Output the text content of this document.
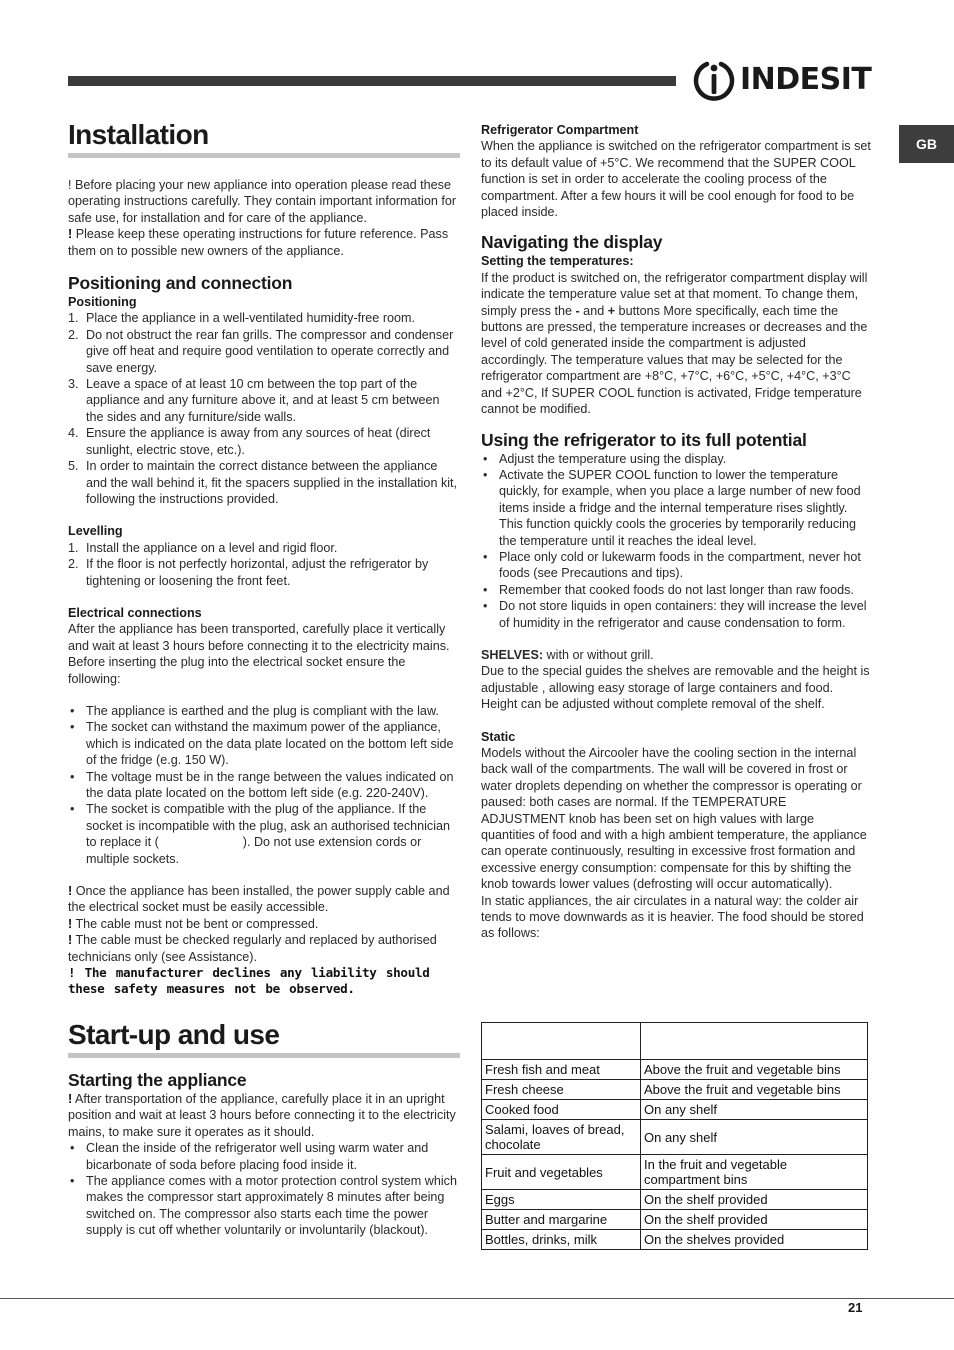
INDESIT
GB
Installation

! Before placing your new appliance into operation please read these operating instructions carefully. They contain important information for safe use, for installation and for care of the appliance.

! Please keep these operating instructions for future reference. Pass them on to possible new owners of the appliance.

Positioning and connection
Positioning
1. Place the appliance in a well-ventilated humidity-free room.
2. Do not obstruct the rear fan grills. The compressor and condenser give off heat and require good ventilation to operate correctly and save energy.
3. Leave a space of at least 10 cm between the top part of the appliance and any furniture above it, and at least 5 cm between the sides and any furniture/side walls.
4. Ensure the appliance is away from any sources of heat (direct sunlight, electric stove, etc.).
5. In order to maintain the correct distance between the appliance and the wall behind it, fit the spacers supplied in the installation kit, following the instructions provided.
Levelling
1. Install the appliance on a level and rigid floor.
2. If the floor is not perfectly horizontal, adjust the refrigerator by tightening or loosening the front feet.
Electrical connections

After the appliance has been transported, carefully place it vertically and wait at least 3 hours before connecting it to the electricity mains. Before inserting the plug into the electrical socket ensure the following:

• The appliance is earthed and the plug is compliant with the law.
• The socket can withstand the maximum power of the appliance, which is indicated on the data plate located on the bottom left side of the fridge (e.g. 150 W).
• The voltage must be in the range between the values indicated on the data plate located on the bottom left side (e.g. 220-240V).
• The socket is compatible with the plug of the appliance. If the socket is incompatible with the plug, ask an authorised technician to replace it (                        ). Do not use extension cords or multiple sockets.

! Once the appliance has been installed, the power supply cable and the electrical socket must be easily accessible.

! The cable must not be bent or compressed.

! The cable must be checked regularly and replaced by authorised technicians only (see Assistance).

! The manufacturer declines any liability should these safety measures not be observed.

Start-up and use
Starting the appliance

! After transportation of the appliance, carefully place it in an upright position and wait at least 3 hours before connecting it to the electricity mains, to make sure it operates as it should.

• Clean the inside of the refrigerator well using warm water and bicarbonate of soda before placing food inside it.
• The appliance comes with a motor protection control system which makes the compressor start approximately 8 minutes after being switched on. The compressor also starts each time the power supply is cut off whether voluntarily or involuntarily (blackout).
Refrigerator Compartment

When the appliance is switched on the refrigerator compartment is set to its default value of +5°C. We recommend that the SUPER COOL function is set in order to accelerate the cooling process of the compartment. After a few hours it will be cool enough for food to be placed inside.

Navigating the display
Setting the temperatures:

If the product is switched on, the refrigerator compartment display will indicate the temperature value set at that moment. To change them, simply press the - and + buttons More specifically, each time the buttons are pressed, the temperature increases or decreases and the level of cold generated inside the compartment is adjusted accordingly. The temperature values that may be selected for the refrigerator compartment are +8°C, +7°C, +6°C, +5°C, +4°C, +3°C and +2°C, If SUPER COOL function is activated, Fridge temperature cannot be modified.

Using the refrigerator to its full potential
• Adjust the temperature using the display.
• Activate the SUPER COOL function to lower the temperature quickly, for example, when you place a large number of new food items inside a fridge and the internal temperature rises slightly. This function quickly cools the groceries by temporarily reducing the temperature until it reaches the ideal level.
• Place only cold or lukewarm foods in the compartment, never hot foods (see Precautions and tips).
• Remember that cooked foods do not last longer than raw foods.
• Do not store liquids in open containers: they will increase the level of humidity in the refrigerator and cause condensation to form.

SHELVES: with or without grill.

Due to the special guides the shelves are removable and the height is adjustable , allowing easy storage of large containers and food. Height can be adjusted without complete removal of the shelf.

Static

Models without the Aircooler have the cooling section in the internal back wall of the compartments. The wall will be covered in frost or water droplets depending on whether the compressor is operating or paused: both cases are normal. If the TEMPERATURE ADJUSTMENT knob has been set on high values with large quantities of food and with a high ambient temperature, the appliance can operate continuously, resulting in excessive frost formation and excessive energy consumption: compensate for this by shifting the knob towards lower values (defrosting will occur automatically).

In static appliances, the air circulates in a natural way: the colder air tends to move downwards as it is heavier. The food should be stored as follows:

Fresh fish and meat	Above the fruit and vegetable bins
Fresh cheese	Above the fruit and vegetable bins
Cooked food	On any shelf
Salami, loaves of bread, chocolate	On any shelf
Fruit and vegetables	In the fruit and vegetable compartment bins
Eggs	On the shelf provided
Butter and margarine	On the shelf provided
Bottles, drinks, milk	On the shelves provided
21
